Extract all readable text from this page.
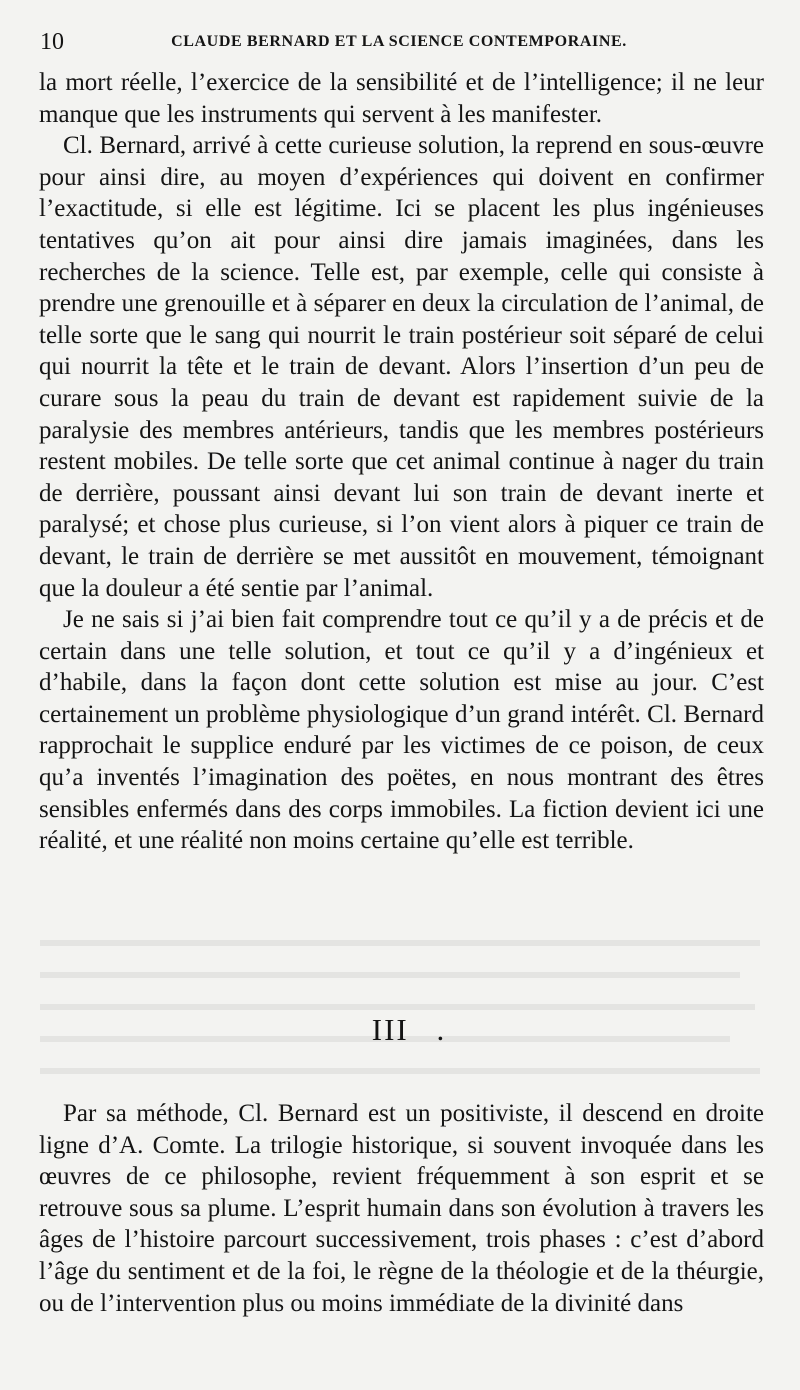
10	CLAUDE BERNARD ET LA SCIENCE CONTEMPORAINE.

la mort réelle, l’exercice de la sensibilité et de l’intelligence; il ne leur manque que les instruments qui servent à les manifester.

Cl. Bernard, arrivé à cette curieuse solution, la reprend en sous-œuvre pour ainsi dire, au moyen d’expériences qui doivent en confirmer l’exactitude, si elle est légitime. Ici se placent les plus ingénieuses tentatives qu’on ait pour ainsi dire jamais imaginées, dans les recherches de la science. Telle est, par exemple, celle qui consiste à prendre une grenouille et à séparer en deux la circulation de l’animal, de telle sorte que le sang qui nourrit le train postérieur soit séparé de celui qui nourrit la tête et le train de devant. Alors l’insertion d’un peu de curare sous la peau du train de devant est rapidement suivie de la paralysie des membres antérieurs, tandis que les membres postérieurs restent mobiles. De telle sorte que cet animal continue à nager du train de derrière, poussant ainsi devant lui son train de devant inerte et paralysé; et chose plus curieuse, si l’on vient alors à piquer ce train de devant, le train de derrière se met aussitôt en mouvement, témoignant que la douleur a été sentie par l’animal.

Je ne sais si j’ai bien fait comprendre tout ce qu’il y a de précis et de certain dans une telle solution, et tout ce qu’il y a d’ingénieux et d’habile, dans la façon dont cette solution est mise au jour. C’est certainement un problème physiologique d’un grand intérêt. Cl. Bernard rapprochait le supplice enduré par les victimes de ce poison, de ceux qu’a inventés l’imagination des poëtes, en nous montrant des êtres sensibles enfermés dans des corps immobiles. La fiction devient ici une réalité, et une réalité non moins certaine qu’elle est terrible.

III .

Par sa méthode, Cl. Bernard est un positiviste, il descend en droite ligne d’A. Comte. La trilogie historique, si souvent invoquée dans les œuvres de ce philosophe, revient fréquemment à son esprit et se retrouve sous sa plume. L’esprit humain dans son évolution à travers les âges de l’histoire parcourt successivement, trois phases : c’est d’abord l’âge du sentiment et de la foi, le règne de la théologie et de la théurgie, ou de l’intervention plus ou moins immédiate de la divinité dans
